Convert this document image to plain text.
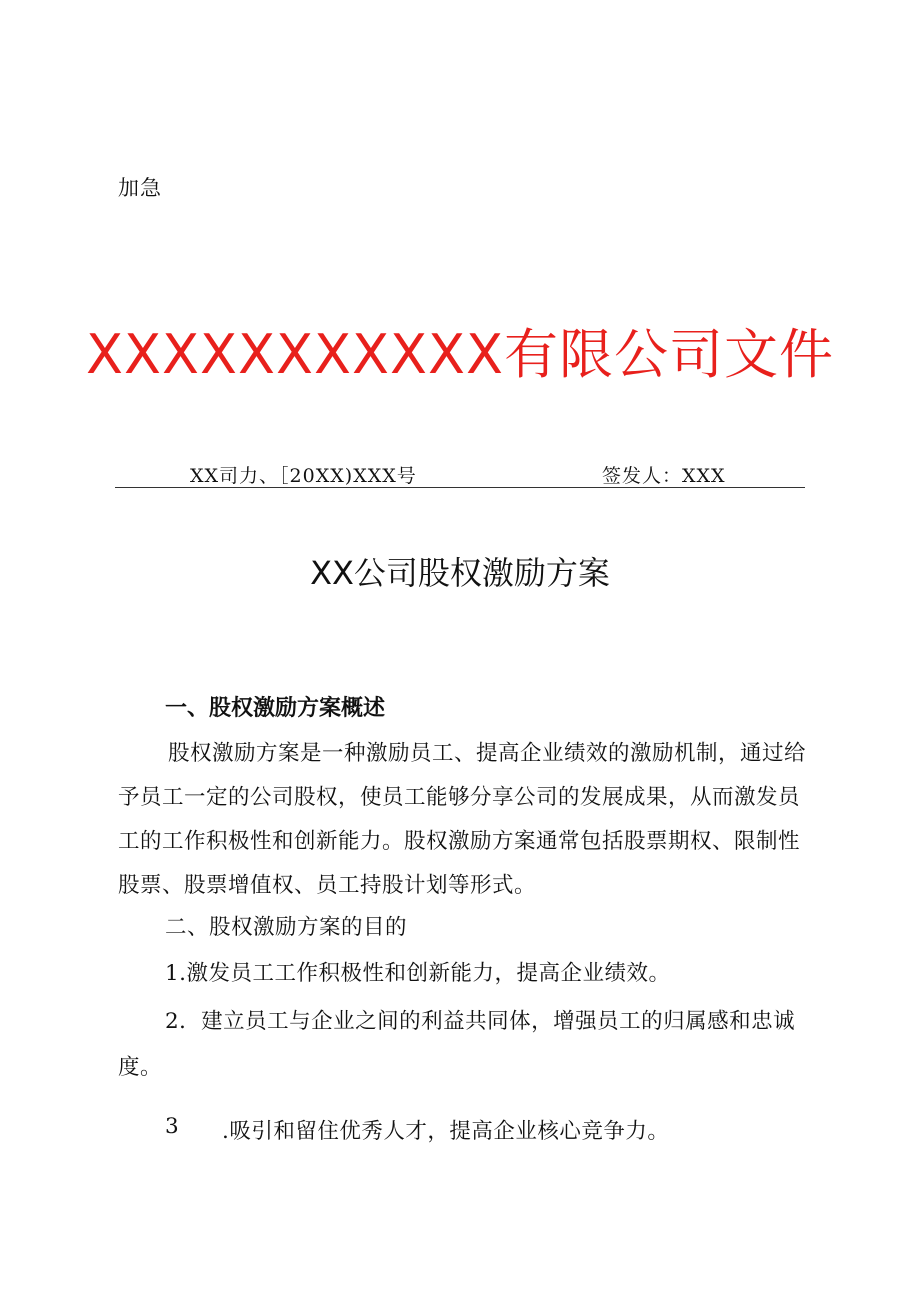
加急
XXXXXXXXXXX有限公司文件
XX司力、［20XX)XXX号	签发人：XXX
XX公司股权激励方案
一、股权激励方案概述
股权激励方案是一种激励员工、提高企业绩效的激励机制，通过给予员工一定的公司股权，使员工能够分享公司的发展成果，从而激发员工的工作积极性和创新能力。股权激励方案通常包括股票期权、限制性股票、股票增值权、员工持股计划等形式。
二、股权激励方案的目的
1.激发员工工作积极性和创新能力，提高企业绩效。
2．建立员工与企业之间的利益共同体，增强员工的归属感和忠诚度。
3 .吸引和留住优秀人才，提高企业核心竞争力。
